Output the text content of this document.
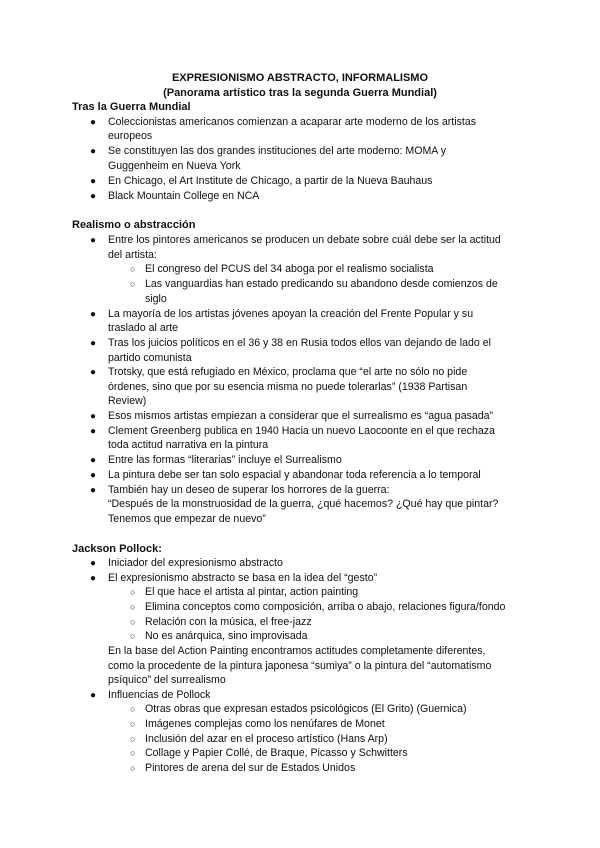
EXPRESIONISMO ABSTRACTO, INFORMALISMO
(Panorama artístico tras la segunda Guerra Mundial)
Tras la Guerra Mundial
● Coleccionistas americanos comienzan a acaparar arte moderno de los artistas
europeos
● Se constituyen las dos grandes instituciones del arte moderno: MOMA y
Guggenheim en Nueva York
● En Chicago, el Art Institute de Chicago, a partir de la Nueva Bauhaus
● Black Mountain College en NCA
Realismo o abstracción
● Entre los pintores americanos se producen un debate sobre cuál debe ser la actitud
del artista:
○ El congreso del PCUS del 34 aboga por el realismo socialista
○ Las vanguardias han estado predicando su abandono desde comienzos de
siglo
● La mayoría de los artistas jóvenes apoyan la creación del Frente Popular y su
traslado al arte
● Tras los juicios políticos en el 36 y 38 en Rusia todos ellos van dejando de lado el
partido comunista
● Trotsky, que está refugiado en México, proclama que “el arte no sólo no pide
órdenes, sino que por su esencia misma no puede tolerarlas” (1938 Partisan
Review)
● Esos mismos artistas empiezan a considerar que el surrealismo es “agua pasada”
● Clement Greenberg publica en 1940 Hacia un nuevo Laocoonte en el que rechaza
toda actitud narrativa en la pintura
● Entre las formas “literarias” incluye el Surrealismo
● La pintura debe ser tan solo espacial y abandonar toda referencia a lo temporal
● También hay un deseo de superar los horrores de la guerra:
“Después de la monstruosidad de la guerra, ¿qué hacemos? ¿Qué hay que pintar?
Tenemos que empezar de nuevo”
Jackson Pollock:
● Iniciador del expresionismo abstracto
● El expresionismo abstracto se basa en la idea del “gesto”
○ El que hace el artista al pintar, action painting
○ Elimina conceptos como composición, arriba o abajo, relaciones figura/fondo
○ Relación con la música, el free-jazz
○ No es anárquica, sino improvisada
En la base del Action Painting encontramos actitudes completamente diferentes,
como la procedente de la pintura japonesa “sumiya” o la pintura del “automatismo
psíquico” del surrealismo
● Influencias de Pollock
○ Otras obras que expresan estados psicológicos (El Grito) (Guernica)
○ Imágenes complejas como los nenúfares de Monet
○ Inclusión del azar en el proceso artístico (Hans Arp)
○ Collage y Papier Collé, de Braque, Picasso y Schwitters
○ Pintores de arena del sur de Estados Unidos
